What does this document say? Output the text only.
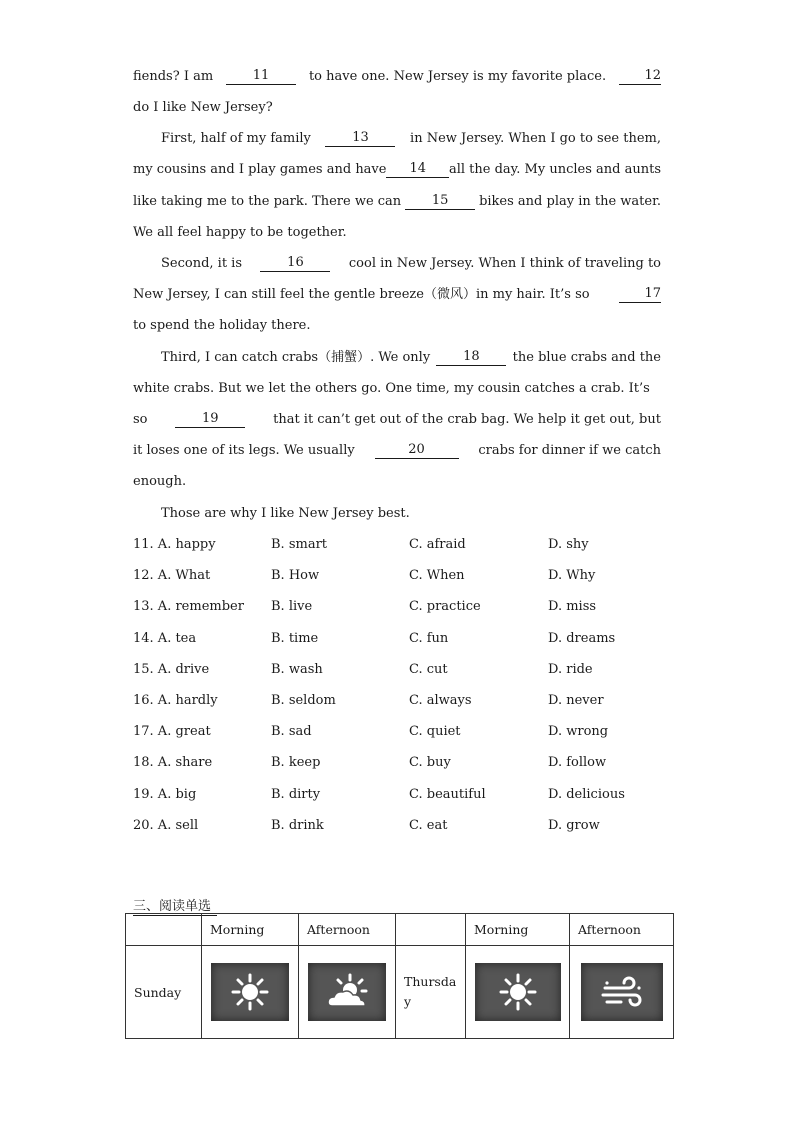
fiends? I am	11	to have one. New Jersey is my favorite place.	12
do I like New Jersey?
First, half of my family	13	in New Jersey. When I go to see them,
my cousins and I play games and have	14	all the day. My uncles and aunts
like taking me to the park. There we can	15	bikes and play in the water.
We all feel happy to be together.
Second, it is	16	cool in New Jersey. When I think of traveling to
New Jersey, I can still feel the gentle breeze（微风）in my hair. It’s so	17
to spend the holiday there.
Third, I can catch crabs（捕蟹）. We only	18	the blue crabs and the
white crabs. But we let the others go. One time, my cousin catches a crab. It’s
so	19	that it can’t get out of the crab bag. We help it get out, but
it loses one of its legs. We usually	20	crabs for dinner if we catch
enough.
Those are why I like New Jersey best.
11. A. happy	B. smart	C. afraid	D. shy
12. A. What	B. How	C. When	D. Why
13. A. remember B. live	C. practice	D. miss
14. A. tea	B. time	C. fun	D. dreams
15. A. drive	B. wash	C. cut	D. ride
16. A. hardly	B. seldom	C. always	D. never
17. A. great	B. sad	C. quiet	D. wrong
18. A. share	B. keep	C. buy	D. follow
19. A. big	B. dirty	C. beautiful	D. delicious
20. A. sell	B. drink	C. eat	D. grow
三、阅读单选
	Morning	Afternoon		Morning	Afternoon
Sunday			Thursda
y	
